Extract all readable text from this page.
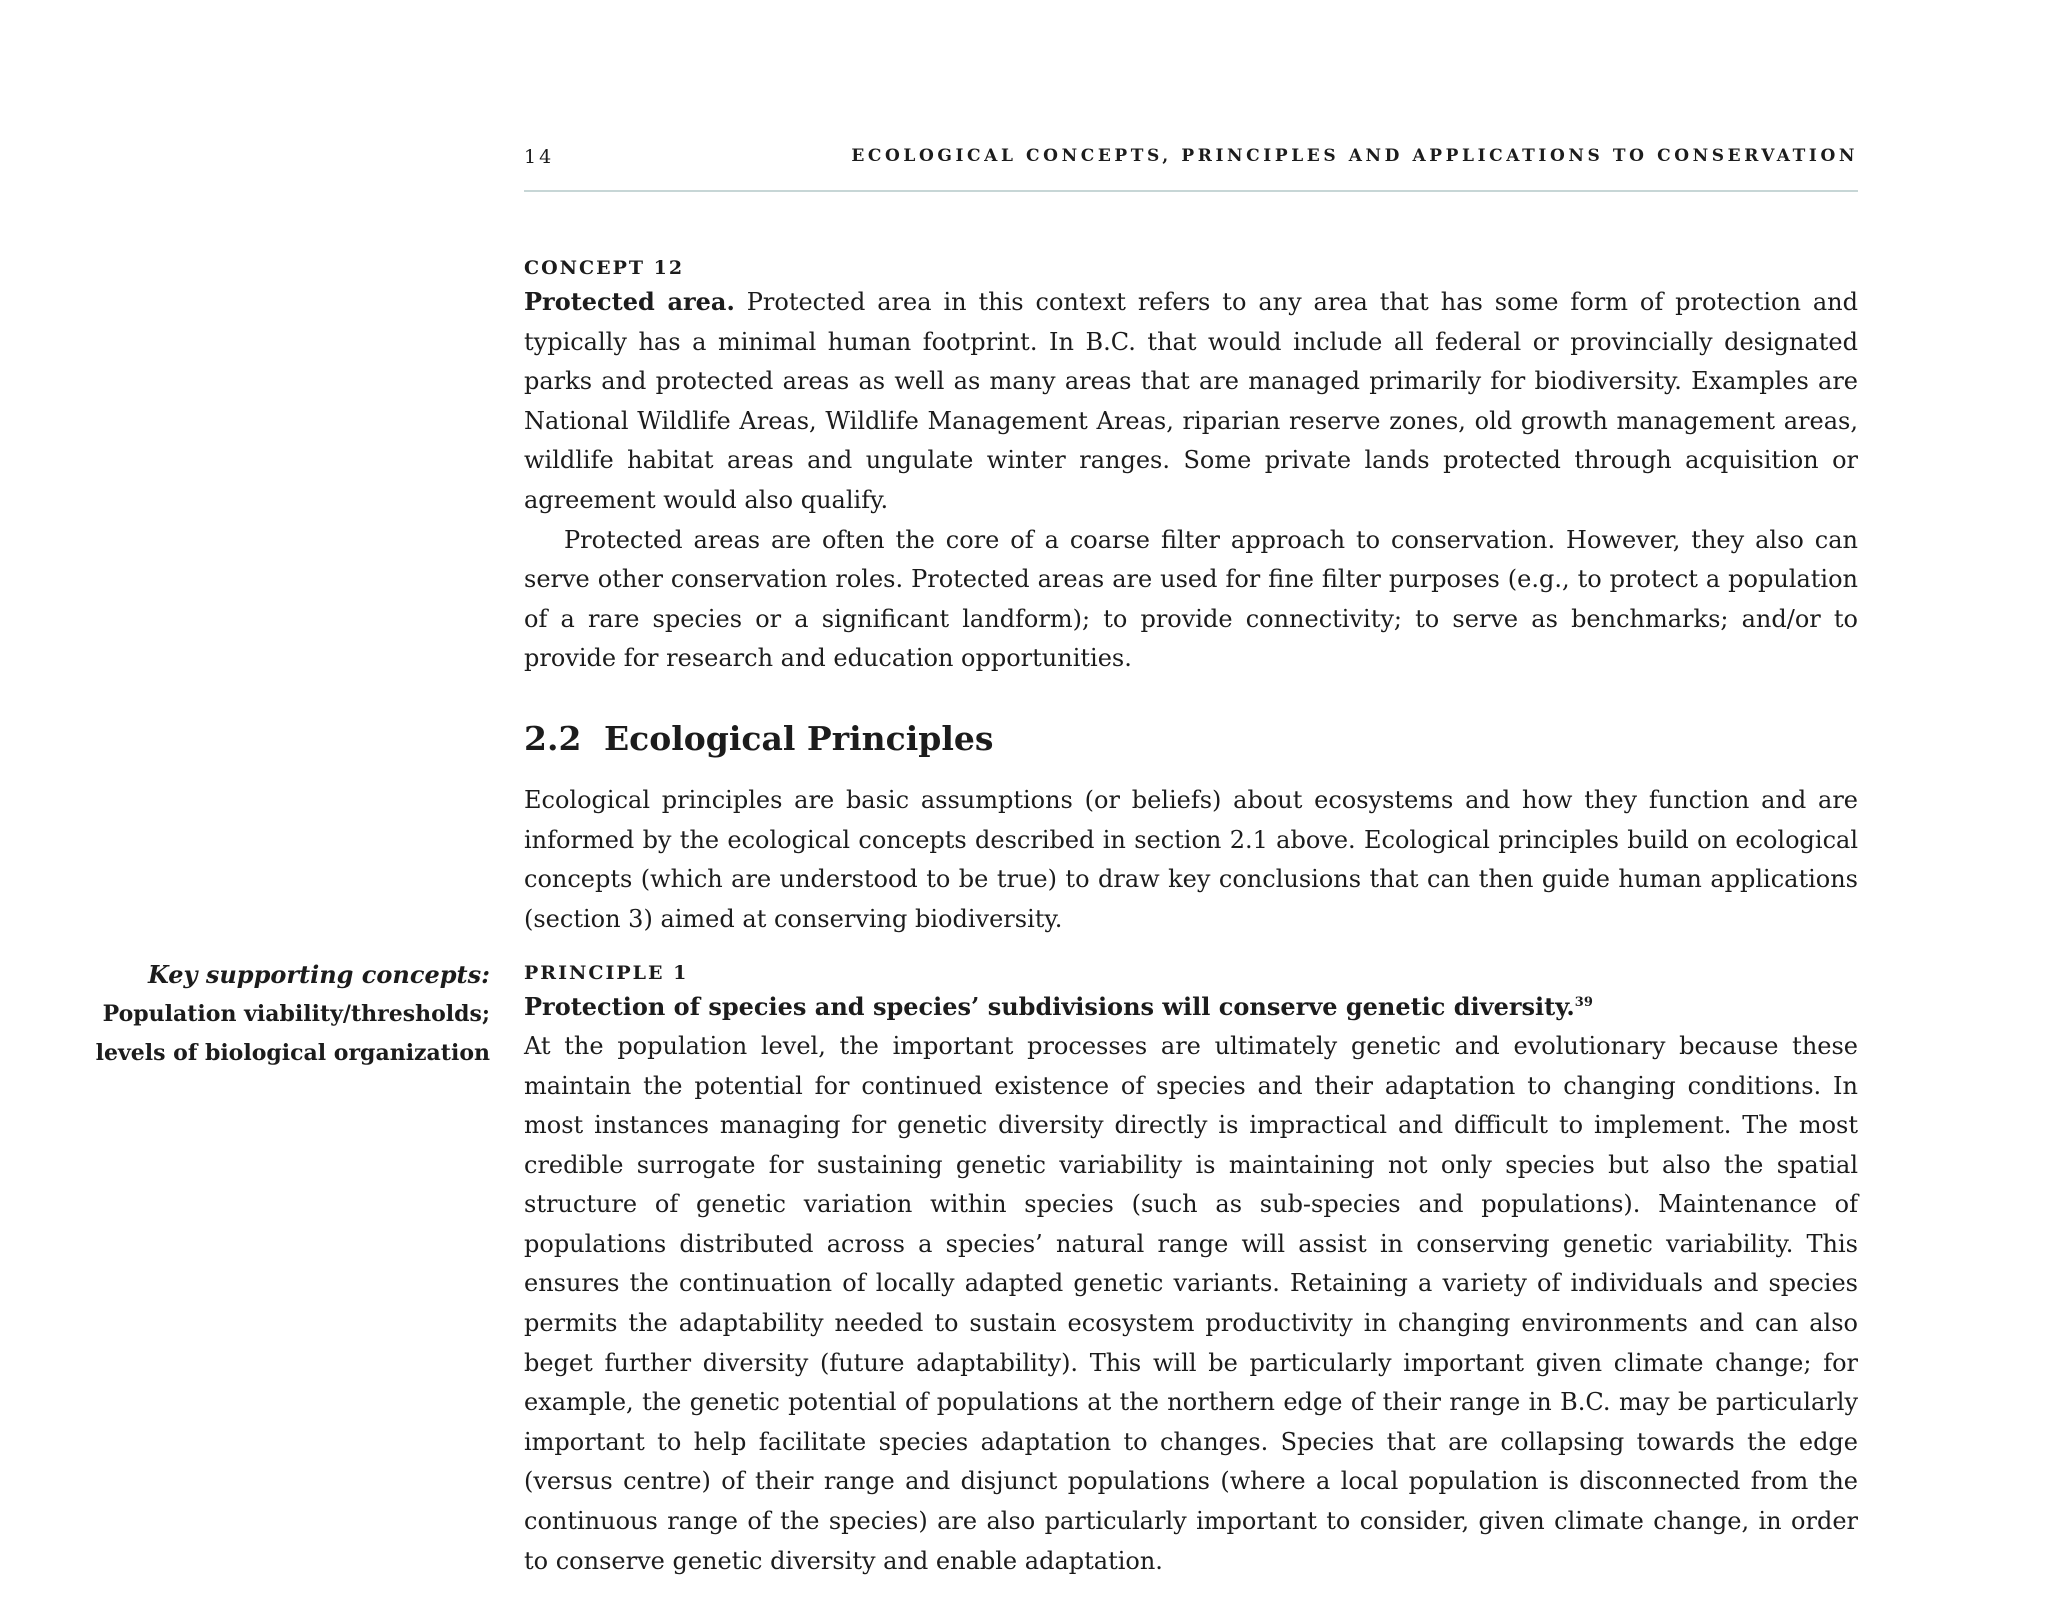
14	ECOLOGICAL CONCEPTS, PRINCIPLES AND APPLICATIONS TO CONSERVATION
Key supporting concepts:
Population viability/thresholds;
levels of biological organization
CONCEPT 12

Protected area. Protected area in this context refers to any area that has some form of protection and typically has a minimal human footprint. In B.C. that would include all federal or provincially designated parks and protected areas as well as many areas that are managed primarily for biodiversity. Examples are National Wildlife Areas, Wildlife Management Areas, riparian reserve zones, old growth management areas, wildlife habitat areas and ungulate winter ranges. Some private lands protected through acquisition or agreement would also qualify.

Protected areas are often the core of a coarse filter approach to conservation. However, they also can serve other conservation roles. Protected areas are used for fine filter purposes (e.g., to protect a population of a rare species or a significant landform); to provide connectivity; to serve as benchmarks; and/or to provide for research and education opportunities.

2.2 Ecological Principles

Ecological principles are basic assumptions (or beliefs) about ecosystems and how they function and are informed by the ecological concepts described in section 2.1 above. Ecological principles build on ecological concepts (which are understood to be true) to draw key conclusions that can then guide human applications (section 3) aimed at conserving biodiversity.

PRINCIPLE 1
Protection of species and species’ subdivisions will conserve genetic diversity.$^{39}$

At the population level, the important processes are ultimately genetic and evolutionary because these maintain the potential for continued existence of species and their adaptation to changing conditions. In most instances managing for genetic diversity directly is impractical and difficult to implement. The most credible surrogate for sustaining genetic variability is maintaining not only species but also the spatial structure of genetic variation within species (such as sub-species and populations). Maintenance of populations distributed across a species’ natural range will assist in conserving genetic variability. This ensures the continuation of locally adapted genetic variants. Retaining a variety of individuals and species permits the adaptability needed to sustain ecosystem productivity in changing environments and can also beget further diversity (future adaptability). This will be particularly important given climate change; for example, the genetic potential of populations at the northern edge of their range in B.C. may be particularly important to help facilitate species adaptation to changes. Species that are collapsing towards the edge (versus centre) of their range and disjunct populations (where a local population is disconnected from the continuous range of the species) are also particularly important to consider, given climate change, in order to conserve genetic diversity and enable adaptation.
